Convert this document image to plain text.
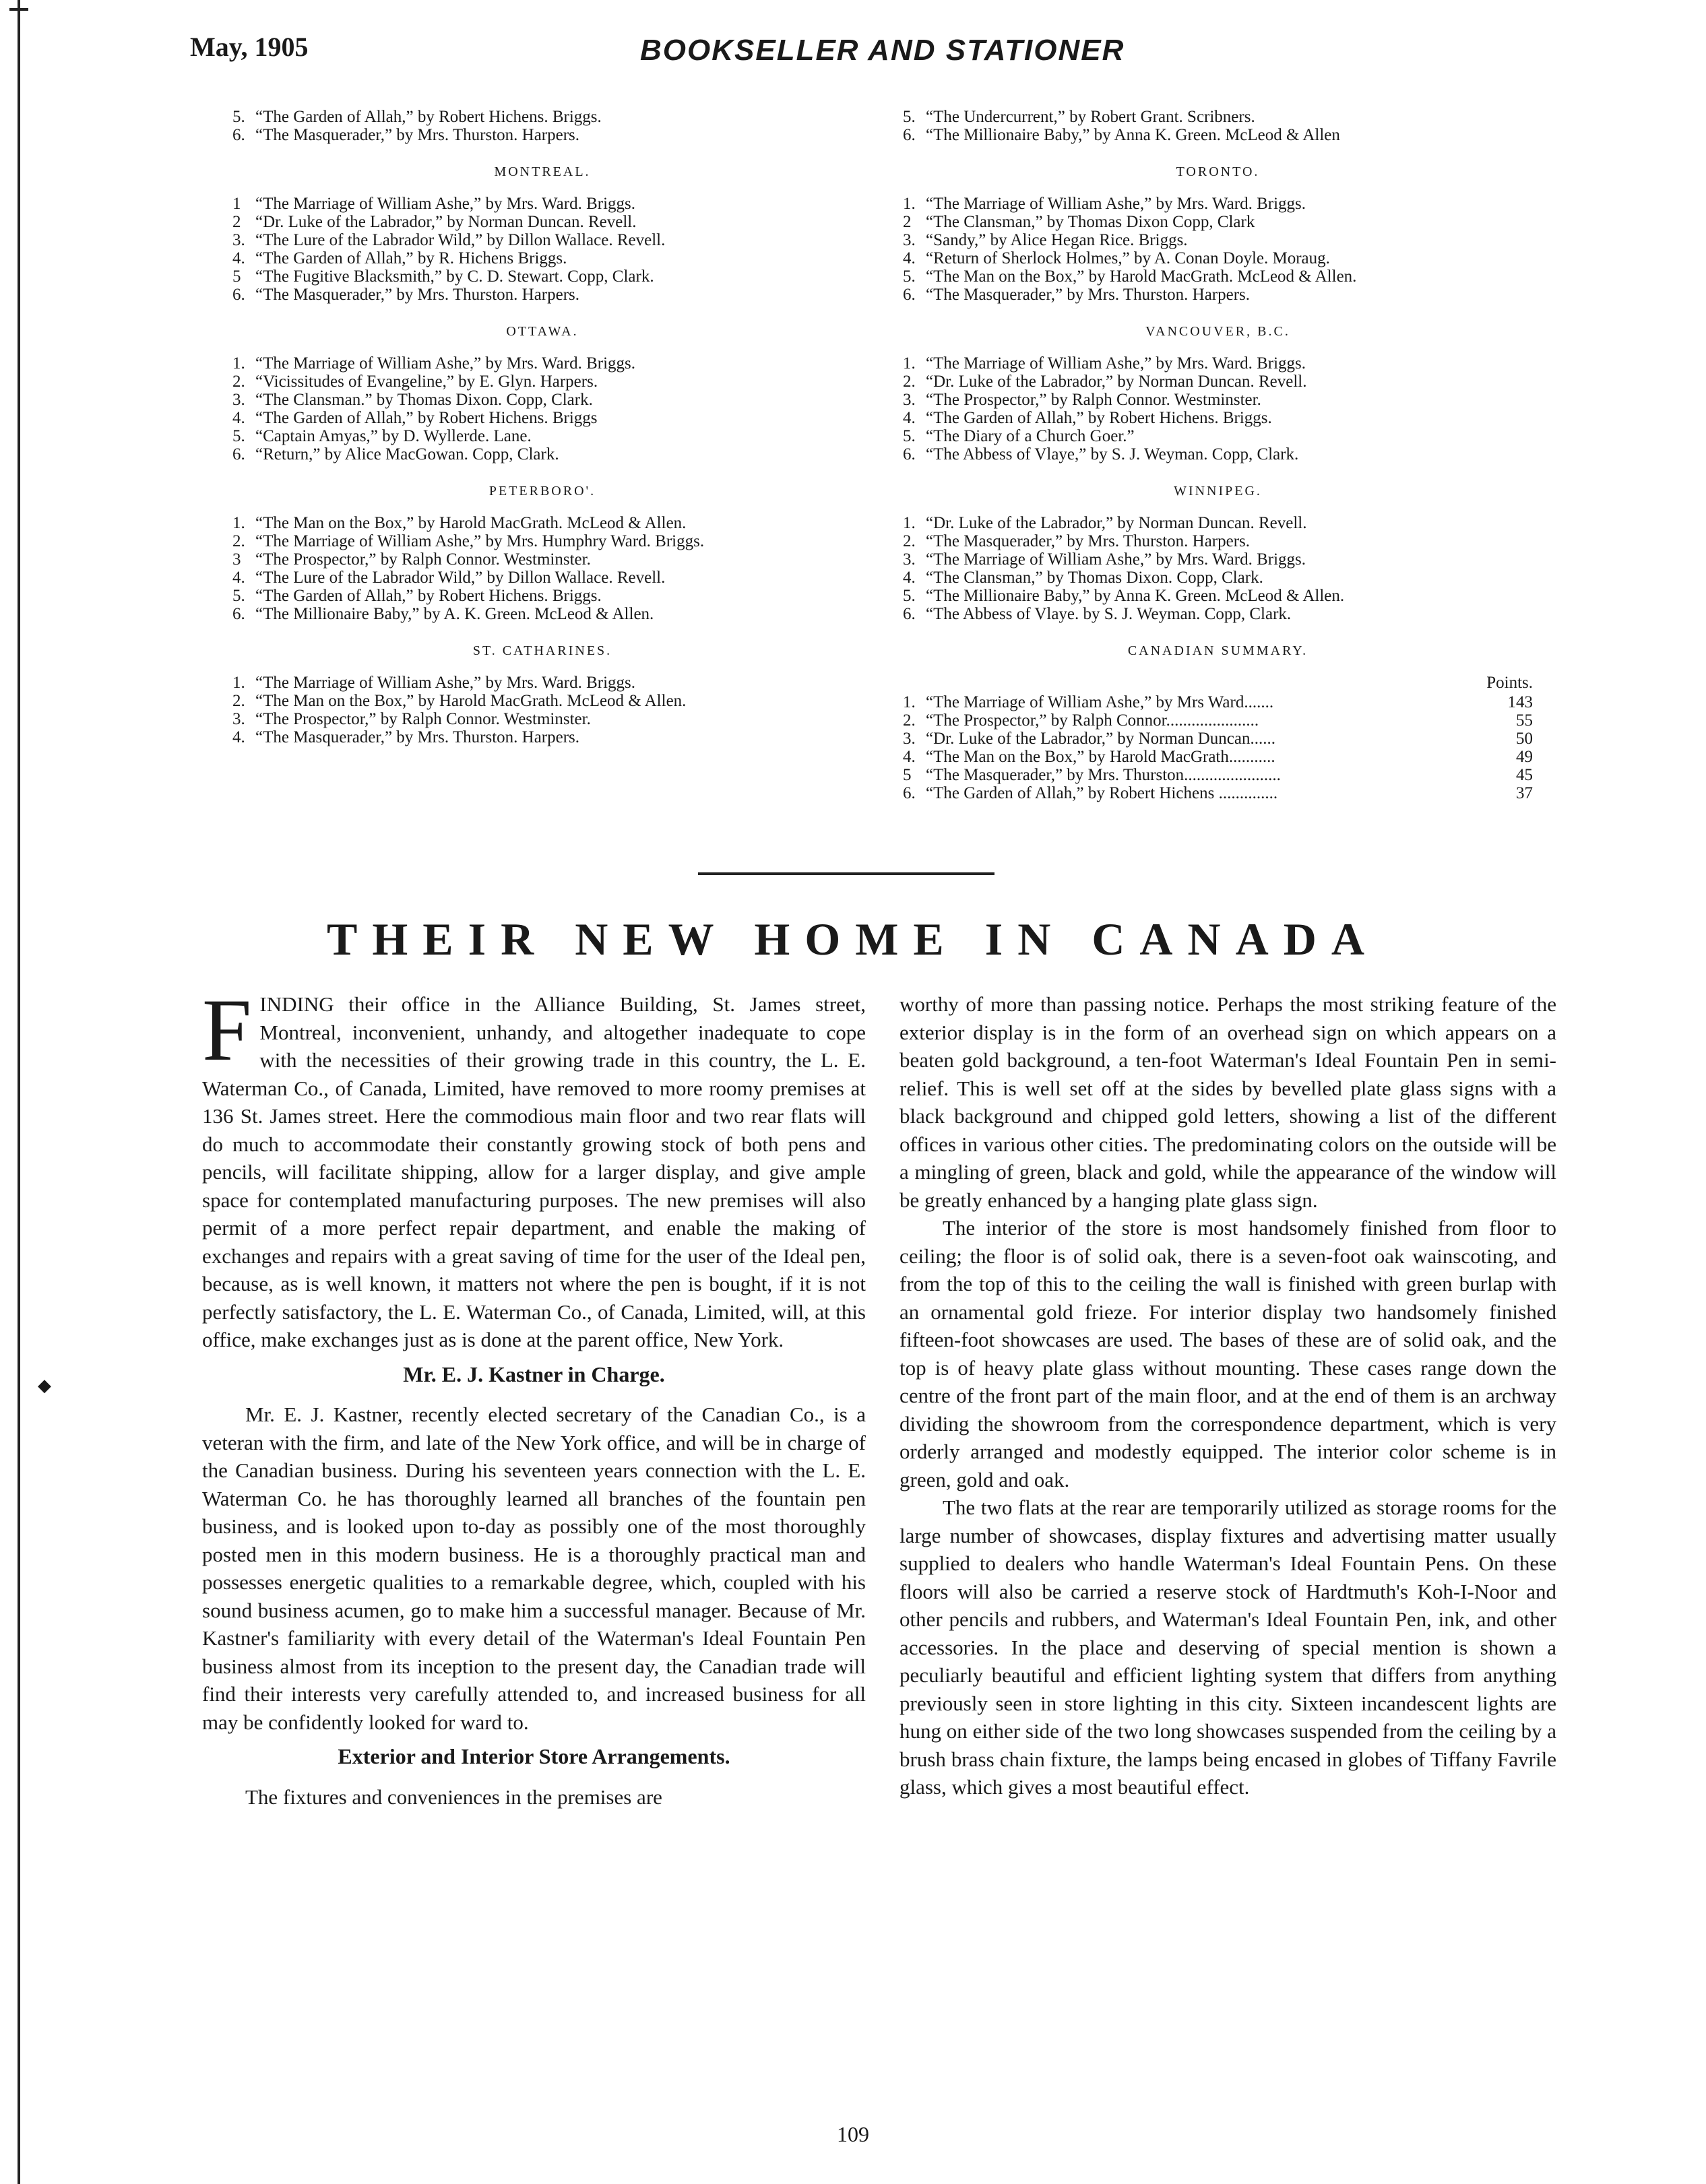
◆
May, 1905	BOOKSELLER AND STATIONER
5. “The Garden of Allah,” by Robert Hichens. Briggs.
6. “The Masquerader,” by Mrs. Thurston. Harpers.
MONTREAL.
1 “The Marriage of William Ashe,” by Mrs. Ward. Briggs.
2 “Dr. Luke of the Labrador,” by Norman Duncan. Revell.
3. “The Lure of the Labrador Wild,” by Dillon Wallace. Revell.
4. “The Garden of Allah,” by R. Hichens Briggs.
5 “The Fugitive Blacksmith,” by C. D. Stewart. Copp, Clark.
6. “The Masquerader,” by Mrs. Thurston. Harpers.
OTTAWA.
1. “The Marriage of William Ashe,” by Mrs. Ward. Briggs.
2. “Vicissitudes of Evangeline,” by E. Glyn. Harpers.
3. “The Clansman.” by Thomas Dixon. Copp, Clark.
4. “The Garden of Allah,” by Robert Hichens. Briggs
5. “Captain Amyas,” by D. Wyllerde. Lane.
6. “Return,” by Alice MacGowan. Copp, Clark.
PETERBORO'.
1. “The Man on the Box,” by Harold MacGrath. McLeod & Allen.
2. “The Marriage of William Ashe,” by Mrs. Humphry Ward. Briggs.
3 “The Prospector,” by Ralph Connor. Westminster.
4. “The Lure of the Labrador Wild,” by Dillon Wallace. Revell.
5. “The Garden of Allah,” by Robert Hichens. Briggs.
6. “The Millionaire Baby,” by A. K. Green. McLeod & Allen.
ST. CATHARINES.
1. “The Marriage of William Ashe,” by Mrs. Ward. Briggs.
2. “The Man on the Box,” by Harold MacGrath. McLeod & Allen.
3. “The Prospector,” by Ralph Connor. Westminster.
4. “The Masquerader,” by Mrs. Thurston. Harpers.
5. “The Undercurrent,” by Robert Grant. Scribners.
6. “The Millionaire Baby,” by Anna K. Green. McLeod & Allen
TORONTO.
1. “The Marriage of William Ashe,” by Mrs. Ward. Briggs.
2 “The Clansman,” by Thomas Dixon Copp, Clark
3. “Sandy,” by Alice Hegan Rice. Briggs.
4. “Return of Sherlock Holmes,” by A. Conan Doyle. Moraug.
5. “The Man on the Box,” by Harold MacGrath. McLeod & Allen.
6. “The Masquerader,” by Mrs. Thurston. Harpers.
VANCOUVER, B.C.
1. “The Marriage of William Ashe,” by Mrs. Ward. Briggs.
2. “Dr. Luke of the Labrador,” by Norman Duncan. Revell.
3. “The Prospector,” by Ralph Connor. Westminster.
4. “The Garden of Allah,” by Robert Hichens. Briggs.
5. “The Diary of a Church Goer.”
6. “The Abbess of Vlaye,” by S. J. Weyman. Copp, Clark.
WINNIPEG.
1. “Dr. Luke of the Labrador,” by Norman Duncan. Revell.
2. “The Masquerader,” by Mrs. Thurston. Harpers.
3. “The Marriage of William Ashe,” by Mrs. Ward. Briggs.
4. “The Clansman,” by Thomas Dixon. Copp, Clark.
5. “The Millionaire Baby,” by Anna K. Green. McLeod & Allen.
6. “The Abbess of Vlaye. by S. J. Weyman. Copp, Clark.
CANADIAN SUMMARY.
Points.
1. “The Marriage of William Ashe,” by Mrs Ward.......	143
2. “The Prospector,” by Ralph Connor......................	55
3. “Dr. Luke of the Labrador,” by Norman Duncan......	50
4. “The Man on the Box,” by Harold MacGrath...........	49
5 “The Masquerader,” by Mrs. Thurston.......................	45
6. “The Garden of Allah,” by Robert Hichens ..............	37
THEIR NEW HOME IN CANADA

FINDING their office in the Alliance Building, St. James street, Montreal, inconvenient, unhandy, and altogether inadequate to cope with the necessities of their growing trade in this country, the L. E. Waterman Co., of Canada, Limited, have removed to more roomy premises at 136 St. James street. Here the commodious main floor and two rear flats will do much to accommodate their constantly growing stock of both pens and pencils, will facilitate shipping, allow for a larger display, and give ample space for contemplated manufacturing purposes. The new premises will also permit of a more perfect repair department, and enable the making of exchanges and repairs with a great saving of time for the user of the Ideal pen, because, as is well known, it matters not where the pen is bought, if it is not perfectly satisfactory, the L. E. Waterman Co., of Canada, Limited, will, at this office, make exchanges just as is done at the parent office, New York.

Mr. E. J. Kastner in Charge.

Mr. E. J. Kastner, recently elected secretary of the Canadian Co., is a veteran with the firm, and late of the New York office, and will be in charge of the Canadian business. During his seventeen years connection with the L. E. Waterman Co. he has thoroughly learned all branches of the fountain pen business, and is looked upon to-day as possibly one of the most thoroughly posted men in this modern business. He is a thoroughly practical man and possesses energetic qualities to a remarkable degree, which, coupled with his sound business acumen, go to make him a successful manager. Because of Mr. Kastner's familiarity with every detail of the Waterman's Ideal Fountain Pen business almost from its inception to the present day, the Canadian trade will find their interests very carefully attended to, and increased business for all may be confidently looked for ward to.

Exterior and Interior Store Arrangements.

The fixtures and conveniences in the premises are

worthy of more than passing notice. Perhaps the most striking feature of the exterior display is in the form of an overhead sign on which appears on a beaten gold background, a ten-foot Waterman's Ideal Fountain Pen in semi-relief. This is well set off at the sides by bevelled plate glass signs with a black background and chipped gold letters, showing a list of the different offices in various other cities. The predominating colors on the outside will be a mingling of green, black and gold, while the appearance of the window will be greatly enhanced by a hanging plate glass sign.

The interior of the store is most handsomely finished from floor to ceiling; the floor is of solid oak, there is a seven-foot oak wainscoting, and from the top of this to the ceiling the wall is finished with green burlap with an ornamental gold frieze. For interior display two handsomely finished fifteen-foot showcases are used. The bases of these are of solid oak, and the top is of heavy plate glass without mounting. These cases range down the centre of the front part of the main floor, and at the end of them is an archway dividing the showroom from the correspondence department, which is very orderly arranged and modestly equipped. The interior color scheme is in green, gold and oak.

The two flats at the rear are temporarily utilized as storage rooms for the large number of showcases, display fixtures and advertising matter usually supplied to dealers who handle Waterman's Ideal Fountain Pens. On these floors will also be carried a reserve stock of Hardtmuth's Koh-I-Noor and other pencils and rubbers, and Waterman's Ideal Fountain Pen, ink, and other accessories. In the place and deserving of special mention is shown a peculiarly beautiful and efficient lighting system that differs from anything previously seen in store lighting in this city. Sixteen incandescent lights are hung on either side of the two long showcases suspended from the ceiling by a brush brass chain fixture, the lamps being encased in globes of Tiffany Favrile glass, which gives a most beautiful effect.

109
